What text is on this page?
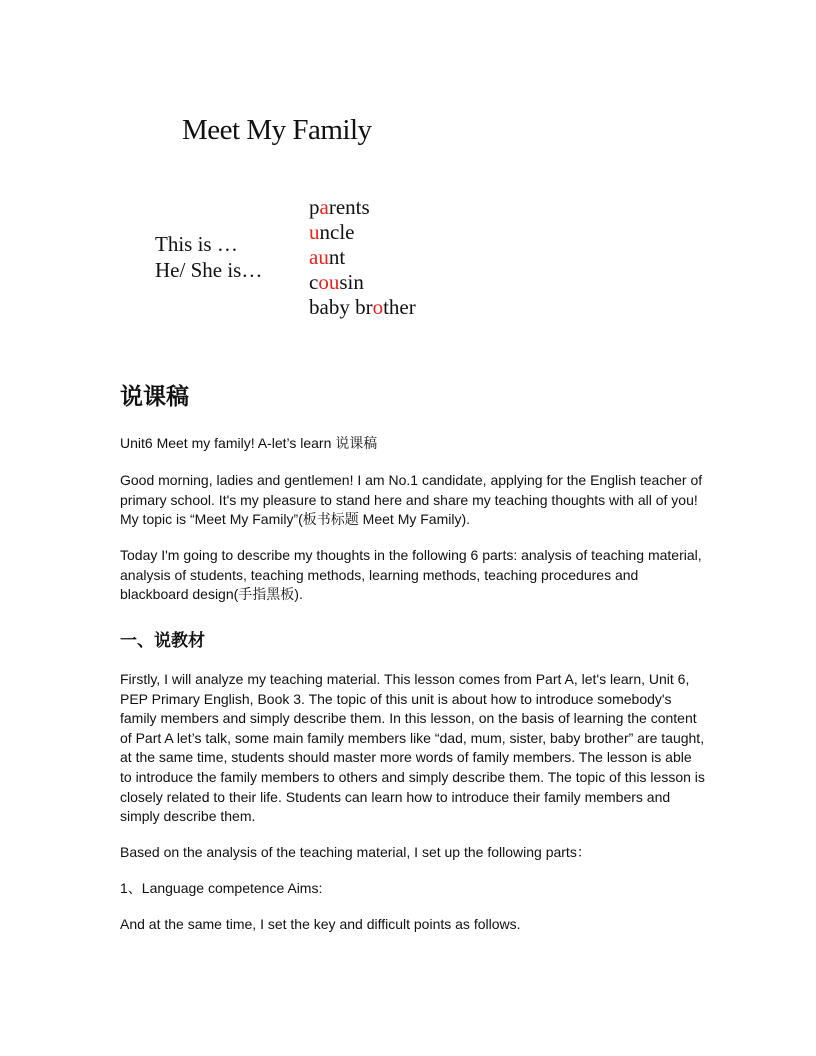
Meet My Family
This is …
He/ She is…
parents
uncle
aunt
cousin
baby brother
说课稿

Unit6 Meet my family! A-let’s learn 说课稿

Good morning, ladies and gentlemen! I am No.1 candidate, applying for the English teacher of primary school. It's my pleasure to stand here and share my teaching thoughts with all of you! My topic is “Meet My Family”(板书标题 Meet My Family).

Today I'm going to describe my thoughts in the following 6 parts: analysis of teaching material, analysis of students, teaching methods, learning methods, teaching procedures and blackboard design(手指黑板).

一、说教材

Firstly, I will analyze my teaching material. This lesson comes from Part A, let's learn, Unit 6, PEP Primary English, Book 3. The topic of this unit is about how to introduce somebody's family members and simply describe them. In this lesson, on the basis of learning the content of Part A let’s talk, some main family members like “dad, mum, sister, baby brother” are taught, at the same time, students should master more words of family members. The lesson is able to introduce the family members to others and simply describe them. The topic of this lesson is closely related to their life. Students can learn how to introduce their family members and simply describe them.

Based on the analysis of the teaching material, I set up the following parts：

1、Language competence Aims:

And at the same time, I set the key and difficult points as follows.
